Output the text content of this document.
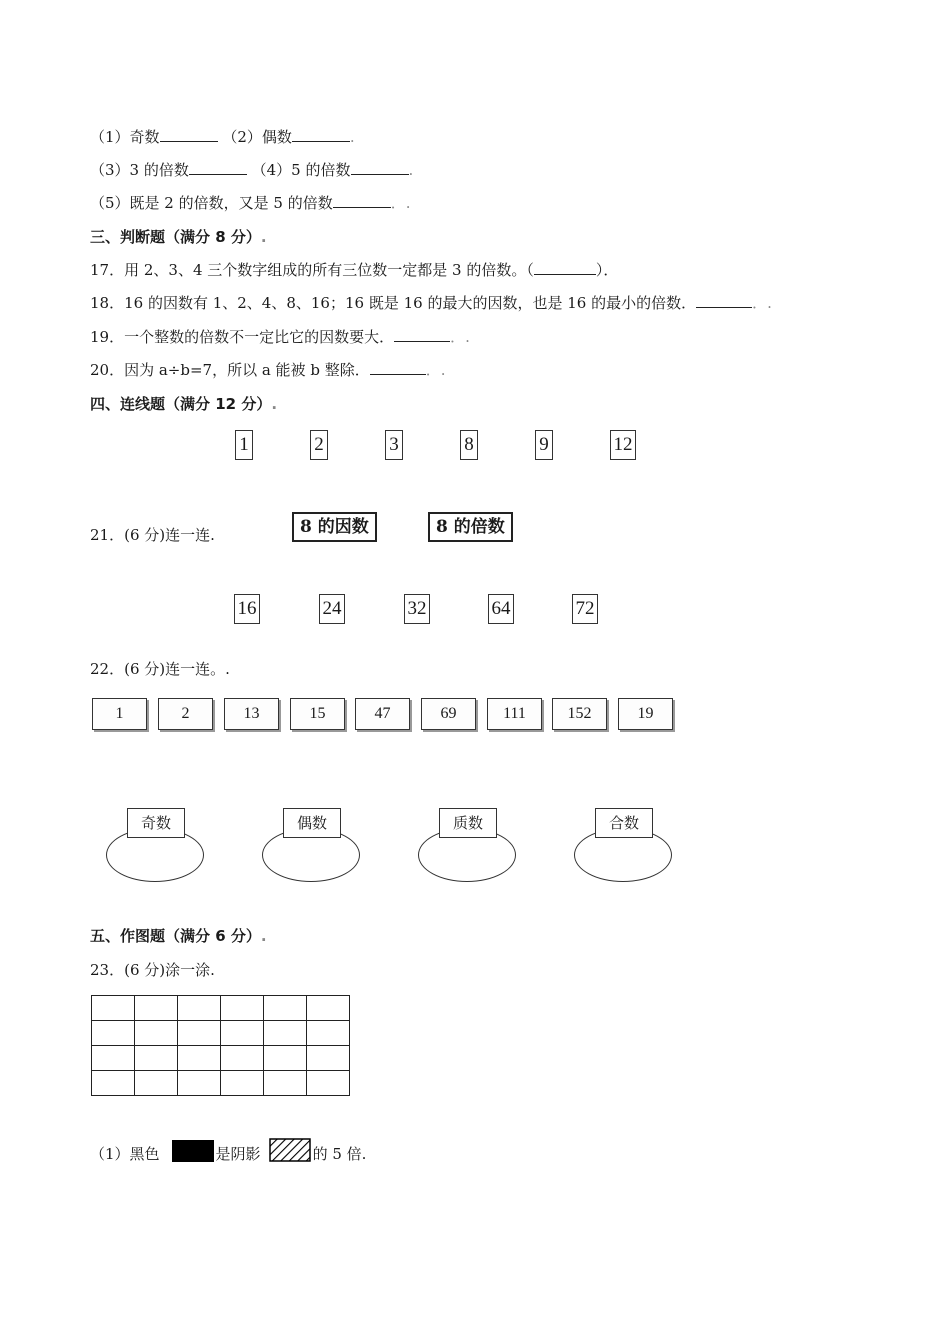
（1）奇数	（2）偶数	.
（3）3 的倍数	（4）5 的倍数	.
（5）既是 2 的倍数，又是 5 的倍数	．.
三、判断题（满分 8 分）.
17．用 2、3、4 三个数字组成的所有三位数一定都是 3 的倍数。（	）．
18．16 的因数有 1、2、4、8、16；16 既是 16 的最大的因数，也是 16 的最小的倍数．	．.
19．一个整数的倍数不一定比它的因数要大．	．.
20．因为 a÷b=7，所以 a 能被 b 整除．	．.
四、连线题（满分 12 分）.
1	2	3	8	9	12
21．(6 分)连一连.	8 的因数	8 的倍数
16	24	32	64	72
22．(6 分)连一连。.
1	2	13	15	47	69	111	152	19
奇数	偶数	质数	合数
五、作图题（满分 6 分）.
23．(6 分)涂一涂.

（1）黑色	是阴影	的 5 倍.
